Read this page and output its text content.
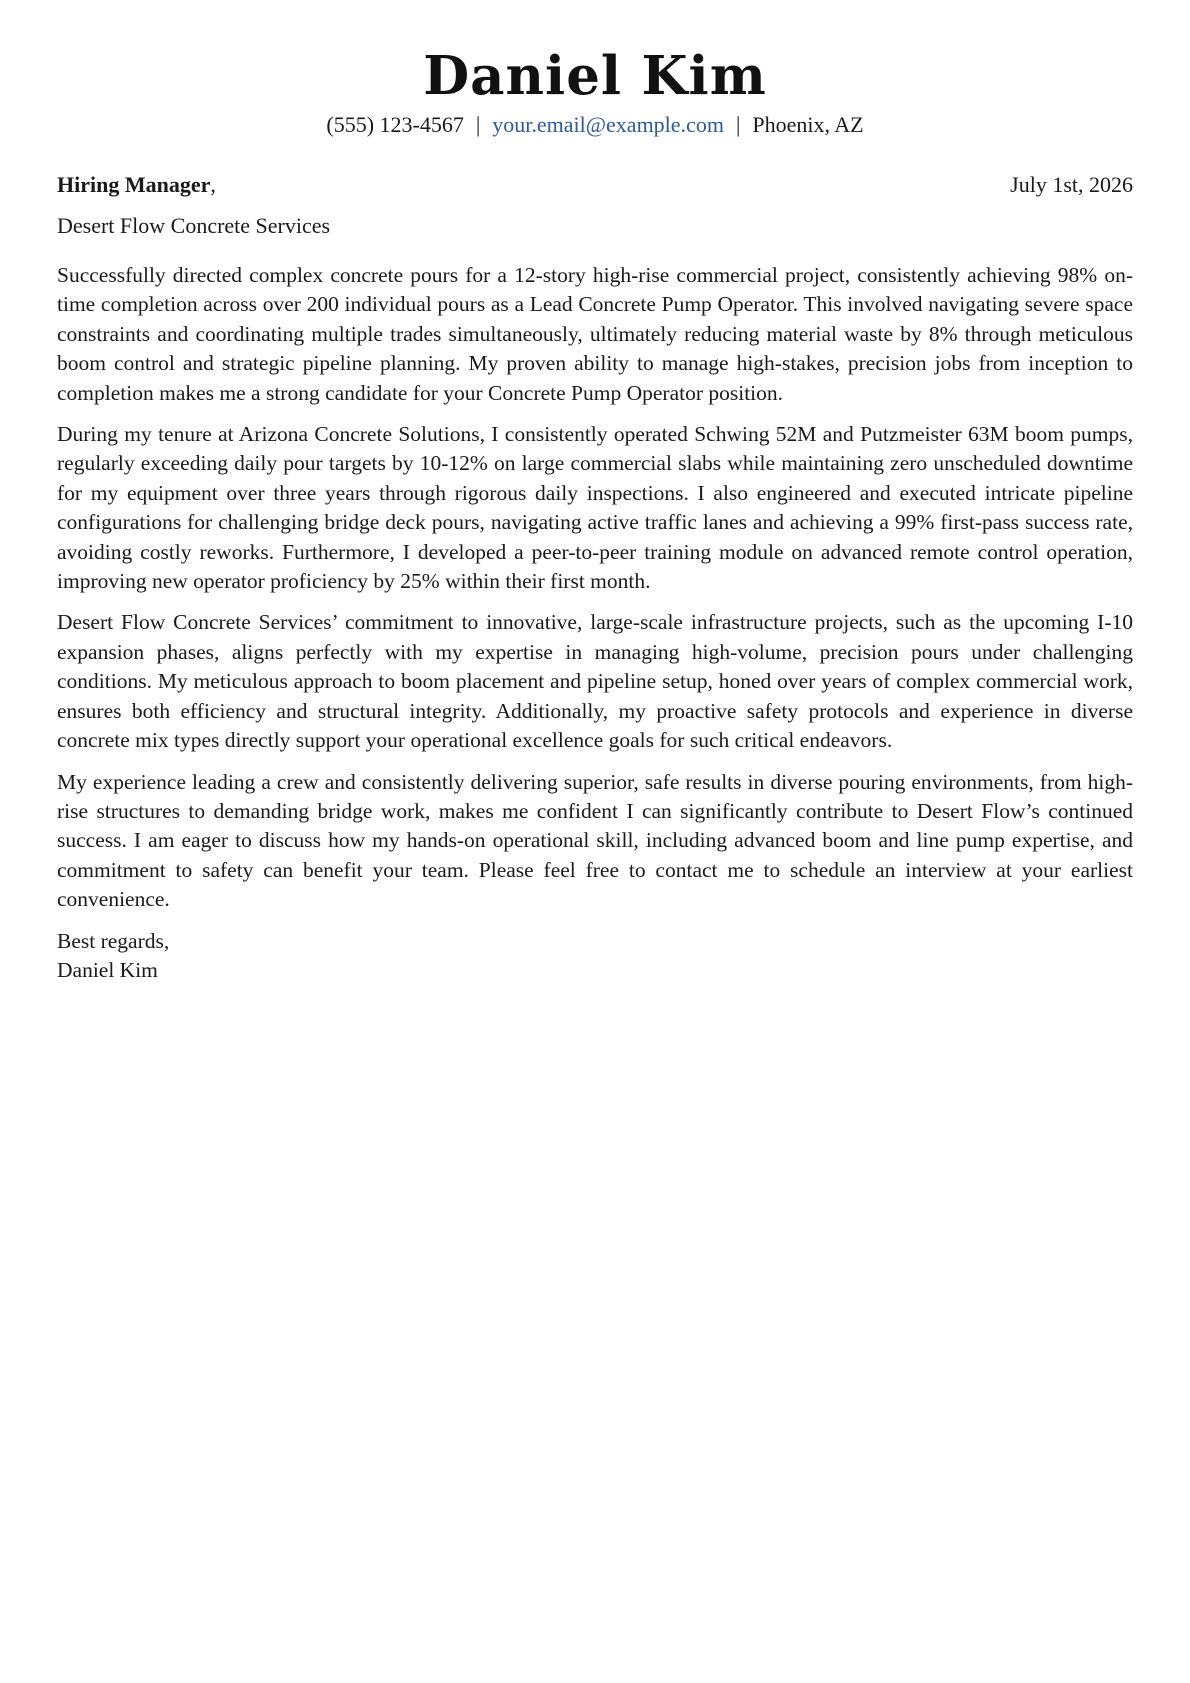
Daniel Kim
(555) 123-4567 | your.email@example.com | Phoenix, AZ
Hiring Manager,	July 1st, 2026
Desert Flow Concrete Services

Successfully directed complex concrete pours for a 12-story high-rise commercial project, consistently achieving 98% on-time completion across over 200 individual pours as a Lead Concrete Pump Operator. This involved navigating severe space constraints and coordinating multiple trades simultaneously, ultimately reducing material waste by 8% through meticulous boom control and strategic pipeline planning. My proven ability to manage high-stakes, precision jobs from inception to completion makes me a strong candidate for your Concrete Pump Operator position.

During my tenure at Arizona Concrete Solutions, I consistently operated Schwing 52M and Putzmeister 63M boom pumps, regularly exceeding daily pour targets by 10-12% on large commercial slabs while maintaining zero unscheduled downtime for my equipment over three years through rigorous daily inspections. I also engineered and executed intricate pipeline configurations for challenging bridge deck pours, navigating active traffic lanes and achieving a 99% first-pass success rate, avoiding costly reworks. Furthermore, I developed a peer-to-peer training module on advanced remote control operation, improving new operator proficiency by 25% within their first month.

Desert Flow Concrete Services’ commitment to innovative, large-scale infrastructure projects, such as the upcoming I-10 expansion phases, aligns perfectly with my expertise in managing high-volume, precision pours under challenging conditions. My meticulous approach to boom placement and pipeline setup, honed over years of complex commercial work, ensures both efficiency and structural integrity. Additionally, my proactive safety protocols and experience in diverse concrete mix types directly support your operational excellence goals for such critical endeavors.

My experience leading a crew and consistently delivering superior, safe results in diverse pouring environments, from high-rise structures to demanding bridge work, makes me confident I can significantly contribute to Desert Flow’s continued success. I am eager to discuss how my hands-on operational skill, including advanced boom and line pump expertise, and commitment to safety can benefit your team. Please feel free to contact me to schedule an interview at your earliest convenience.

Best regards,
Daniel Kim
